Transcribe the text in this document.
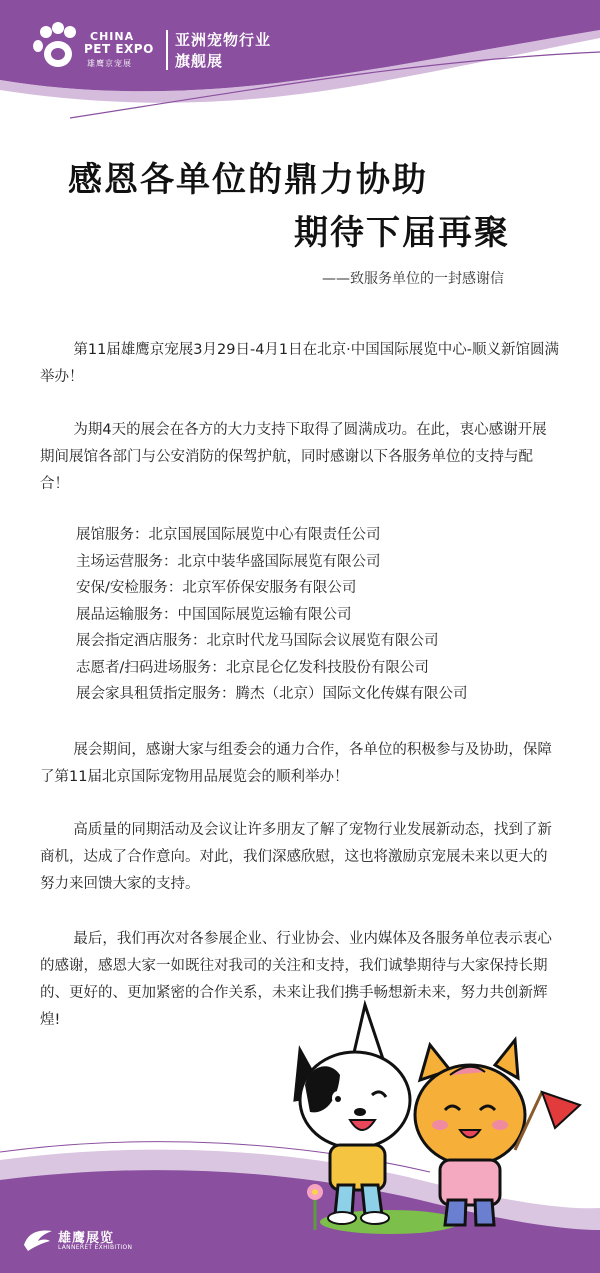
CHINA
PET EXPO
雄鹰京宠展
亚洲宠物行业
旗舰展
感恩各单位的鼎力协助
期待下届再聚
——致服务单位的一封感谢信

第11届雄鹰京宠展3月29日-4月1日在北京·中国国际展览中心-顺义新馆圆满举办！

为期4天的展会在各方的大力支持下取得了圆满成功。在此，衷心感谢开展期间展馆各部门与公安消防的保驾护航，同时感谢以下各服务单位的支持与配合！

展馆服务：北京国展国际展览中心有限责任公司
主场运营服务：北京中装华盛国际展览有限公司
安保/安检服务：北京军侨保安服务有限公司
展品运输服务：中国国际展览运输有限公司
展会指定酒店服务：北京时代龙马国际会议展览有限公司
志愿者/扫码进场服务：北京昆仑亿发科技股份有限公司
展会家具租赁指定服务：腾杰（北京）国际文化传媒有限公司

展会期间，感谢大家与组委会的通力合作，各单位的积极参与及协助，保障了第11届北京国际宠物用品展览会的顺利举办！

高质量的同期活动及会议让许多朋友了解了宠物行业发展新动态，找到了新商机，达成了合作意向。对此，我们深感欣慰，这也将激励京宠展未来以更大的努力来回馈大家的支持。

最后，我们再次对各参展企业、行业协会、业内媒体及各服务单位表示衷心的感谢，感恩大家一如既往对我司的关注和支持，我们诚挚期待与大家保持长期的、更好的、更加紧密的合作关系，未来让我们携手畅想新未来，努力共创新辉煌!

雄鹰展览
LANNERET EXHIBITION
